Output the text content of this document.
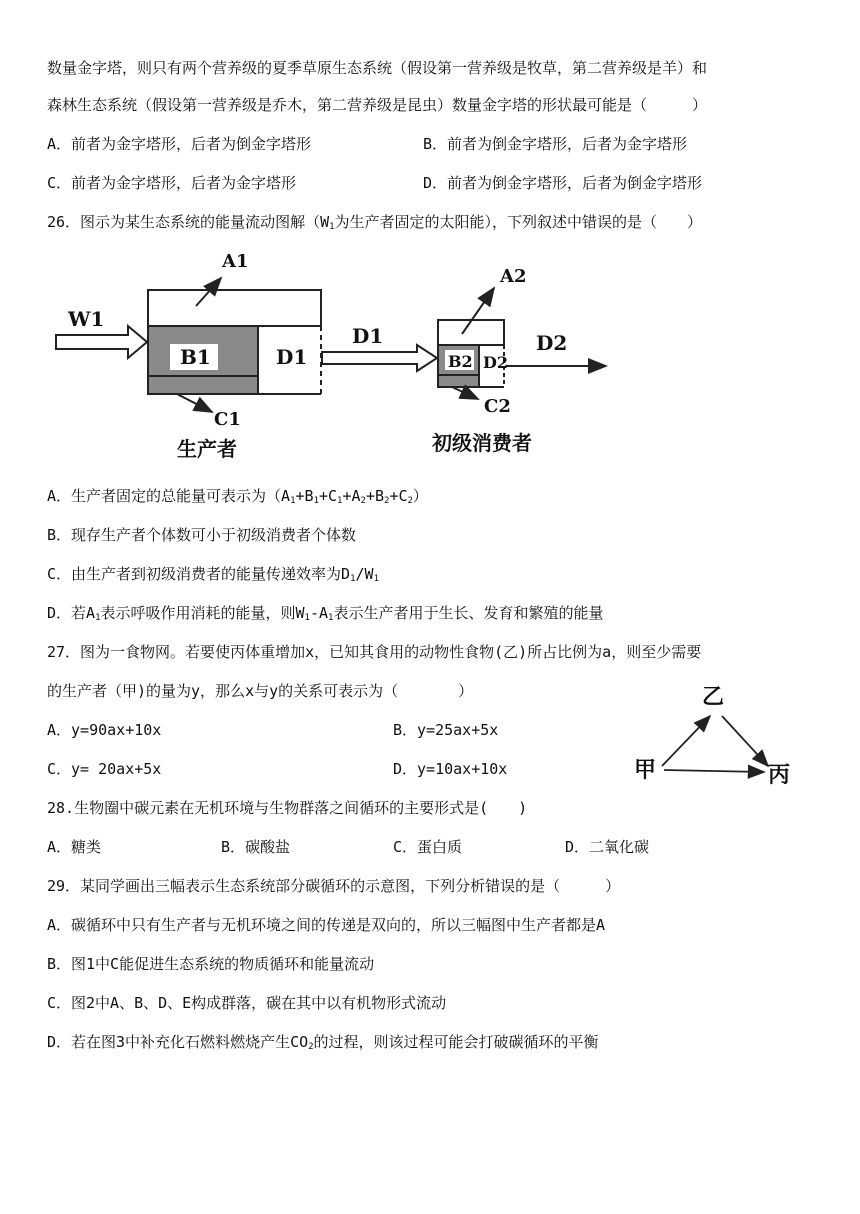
数量金字塔，则只有两个营养级的夏季草原生态系统（假设第一营养级是牧草，第二营养级是羊）和
森林生态系统（假设第一营养级是乔木，第二营养级是昆虫）数量金字塔的形状最可能是（　　　）
A．前者为金字塔形，后者为倒金字塔形	B．前者为倒金字塔形，后者为金字塔形
C．前者为金字塔形，后者为金字塔形	D．前者为倒金字塔形，后者为倒金字塔形
26．图示为某生态系统的能量流动图解（$W_1$为生产者固定的太阳能），下列叙述中错误的是（　　）
W1
B1	D1
A1
C1
生产者
D1
B2 D2
A2
C2
D2
初级消费者
A．生产者固定的总能量可表示为$(A_1+B_1+C_1+A_2+B_2+C_2)$
B．现存生产者个体数可小于初级消费者个体数
C．由生产者到初级消费者的能量传递效率为$D_1/W_1$
D．若$A_1$表示呼吸作用消耗的能量，则$W_1-A_1$表示生产者用于生长、发育和繁殖的能量
27．图为一食物网。若要使丙体重增加x，已知其食用的动物性食物(乙)所占比例为a，则至少需要
的生产者（甲)的量为y，那么x与y的关系可表示为（　　　　）
A．y=90ax+10x	B．y=25ax+5x
C．y= 20ax+5x	D．y=10ax+10x
乙
甲	丙
28.生物圈中碳元素在无机环境与生物群落之间循环的主要形式是(　　)
A．糖类	B．碳酸盐	C．蛋白质	D．二氧化碳
29．某同学画出三幅表示生态系统部分碳循环的示意图，下列分析错误的是（　　　）
A．碳循环中只有生产者与无机环境之间的传递是双向的，所以三幅图中生产者都是A
B．图1中C能促进生态系统的物质循环和能量流动
C．图2中A、B、D、E构成群落，碳在其中以有机物形式流动
D．若在图3中补充化石燃料燃烧产生$CO_2$的过程，则该过程可能会打破碳循环的平衡
